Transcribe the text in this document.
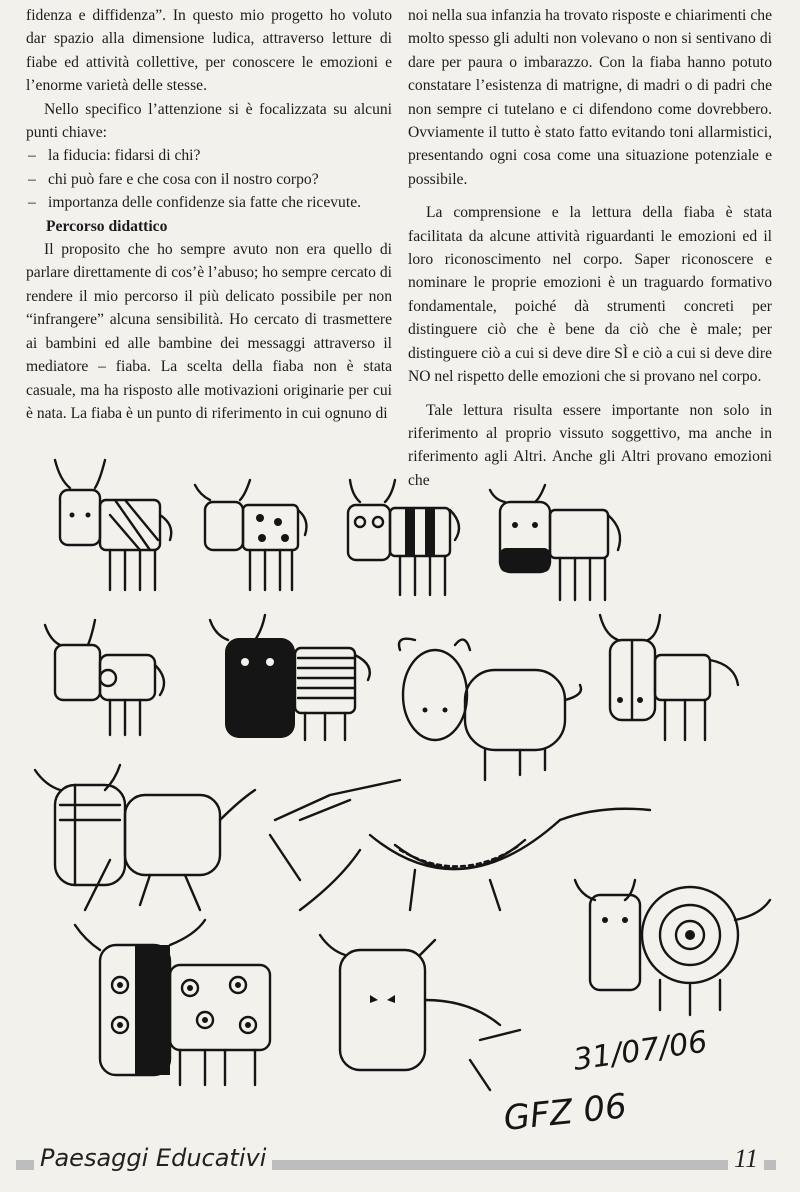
fidenza e diffidenza”. In questo mio progetto ho voluto dar spazio alla dimensione ludica, attraverso letture di fiabe ed attività collettive, per conoscere le emozioni e l’enorme varietà delle stesse.

Nello specifico l’attenzione si è focalizzata su alcuni punti chiave:

– la fiducia: fidarsi di chi?
– chi può fare e che cosa con il nostro corpo?
– importanza delle confidenze sia fatte che ricevute.

Percorso didattico

Il proposito che ho sempre avuto non era quello di parlare direttamente di cos’è l’abuso; ho sempre cercato di rendere il mio percorso il più delicato possibile per non “infrangere” alcuna sensibilità. Ho cercato di trasmettere ai bambini ed alle bambine dei messaggi attraverso il mediatore – fiaba. La scelta della fiaba non è stata casuale, ma ha risposto alle motivazioni originarie per cui è nata. La fiaba è un punto di riferimento in cui ognuno di

noi nella sua infanzia ha trovato risposte e chiarimenti che molto spesso gli adulti non volevano o non si sentivano di dare per paura o imbarazzo. Con la fiaba hanno potuto constatare l’esistenza di matrigne, di madri o di padri che non sempre ci tutelano e ci difendono come dovrebbero. Ovviamente il tutto è stato fatto evitando toni allarmistici, presentando ogni cosa come una situazione potenziale e possibile.

La comprensione e la lettura della fiaba è stata facilitata da alcune attività riguardanti le emozioni ed il loro riconoscimento nel corpo. Saper riconoscere e nominare le proprie emozioni è un traguardo formativo fondamentale, poiché dà strumenti concreti per distinguere ciò che è bene da ciò che è male; per distinguere ciò a cui si deve dire SÌ e ciò a cui si deve dire NO nel rispetto delle emozioni che si provano nel corpo.

Tale lettura risulta essere importante non solo in riferimento al proprio vissuto soggettivo, ma anche in riferimento agli Altri. Anche gli Altri provano emozioni che

31/07/06
GFZ 06
Paesaggi Educativi	11
